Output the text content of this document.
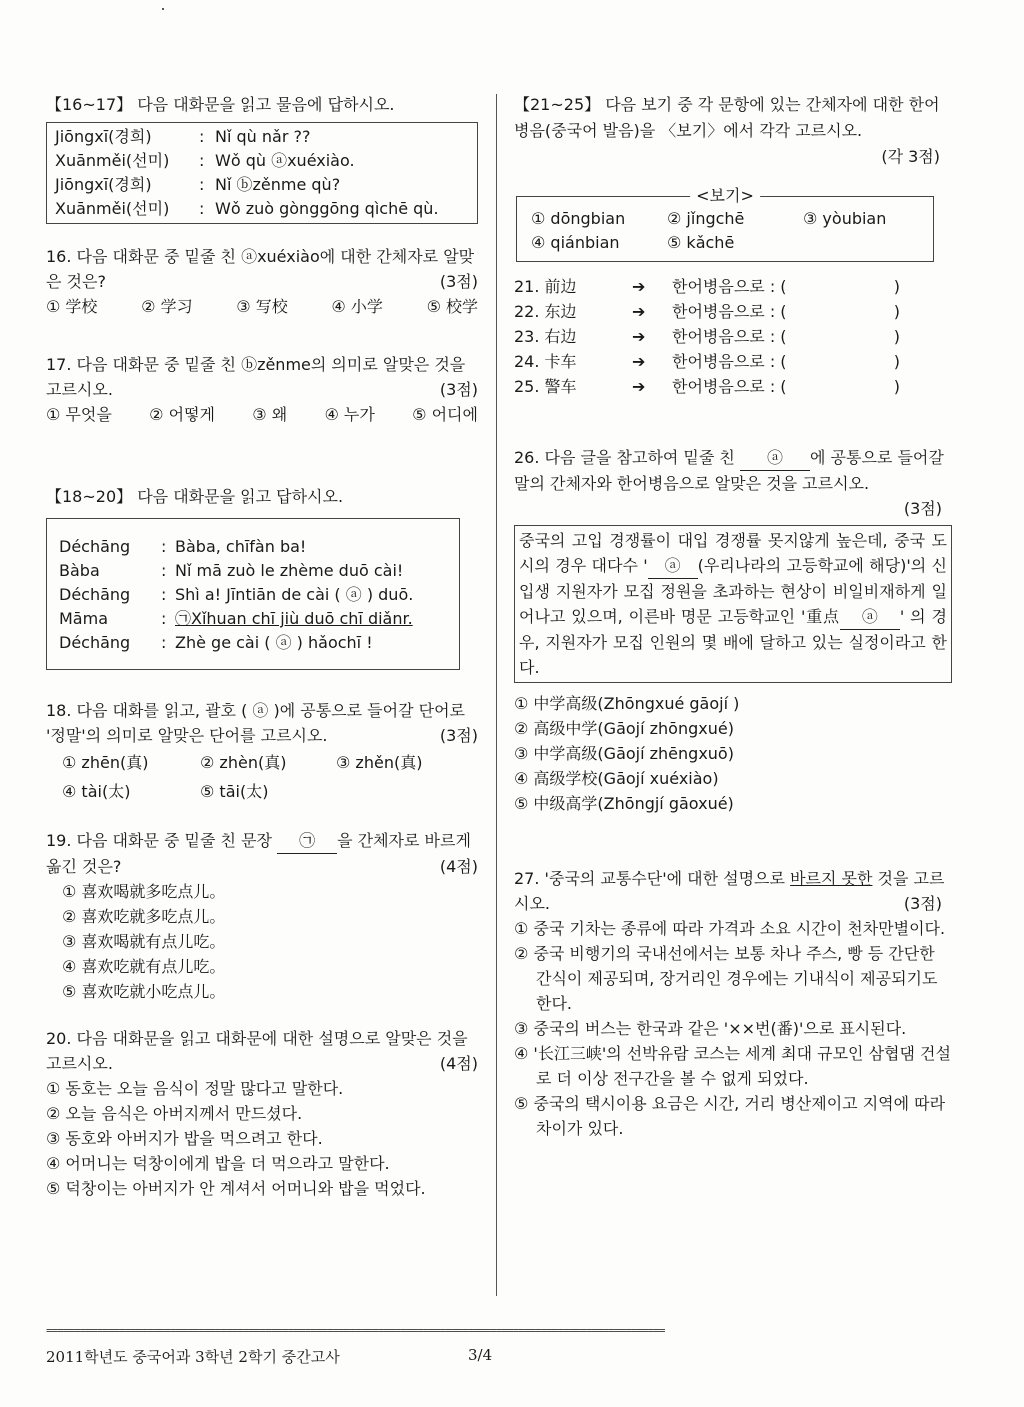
【16~17】 다음 대화문을 읽고 물음에 답하시오.

Jiōngxī(경희)	: Nǐ qù nǎr ??
Xuānměi(선미)	: Wǒ qù ⓐxuéxiào.
Jiōngxī(경희)	: Nǐ ⓑzěnme qù?
Xuānměi(선미)	: Wǒ zuò gònggōng qìchē qù.

16. 다음 대화문 중 밑줄 친 ⓐxuéxiào에 대한 간체자로 알맞은 것은?	(3점)

① 学校	② 学习	③ 写校	④ 小学	⑤ 校学

17. 다음 대화문 중 밑줄 친 ⓑzěnme의 의미로 알맞은 것을 고르시오.	(3점)

① 무엇을 ② 어떻게 ③ 왜 ④ 누가 ⑤ 어디에

【18~20】 다음 대화문을 읽고 답하시오.

Déchāng	: Bàba, chīfàn ba!
Bàba	: Nǐ mā zuò le zhème duō cài!
Déchāng	: Shì a! Jīntiān de cài ( ⓐ ) duō.
Māma	: ㉠Xǐhuan chī jiù duō chī diǎnr.
Déchāng	: Zhè ge cài ( ⓐ ) hǎochī !

18. 다음 대화를 읽고, 괄호 ( ⓐ )에 공통으로 들어갈 단어로 '정말'의 의미로 알맞은 단어를 고르시오.	(3점)

① zhēn(真)	② zhèn(真)	③ zhěn(真)
④ tài(太)	⑤ tāi(太)

19. 다음 대화문 중 밑줄 친 문장 ㉠ 을 간체자로 바르게 옮긴 것은?	(4점)

① 喜欢喝就多吃点儿。

② 喜欢吃就多吃点儿。

③ 喜欢喝就有点儿吃。

④ 喜欢吃就有点儿吃。

⑤ 喜欢吃就小吃点儿。

20. 다음 대화문을 읽고 대화문에 대한 설명으로 알맞은 것을 고르시오.	(4점)

① 동호는 오늘 음식이 정말 많다고 말한다.

② 오늘 음식은 아버지께서 만드셨다.

③ 동호와 아버지가 밥을 먹으려고 한다.

④ 어머니는 덕창이에게 밥을 더 먹으라고 말한다.

⑤ 덕창이는 아버지가 안 계셔서 어머니와 밥을 먹었다.

【21~25】 다음 보기 중 각 문항에 있는 간체자에 대한 한어병음(중국어 발음)을 〈보기〉에서 각각 고르시오.

(각 3점)

<보기>
① dōngbian	② jǐngchē	③ yòubian
④ qiánbian	⑤ kǎchē
21. 前边	➔	한어병음으로 : (	)
22. 东边	➔	한어병음으로 : (	)
23. 右边	➔	한어병음으로 : (	)
24. 卡车	➔	한어병음으로 : (	)
25. 警车	➔	한어병음으로 : (	)

26. 다음 글을 참고하여 밑줄 친 ⓐ 에 공통으로 들어갈 말의 간체자와 한어병음으로 알맞은 것을 고르시오.

(3점)

중국의 고입 경쟁률이 대입 경쟁률 못지않게 높은데, 중국 도시의 경우 대다수 ' ⓐ (우리나라의 고등학교에 해당)'의 신입생 지원자가 모집 정원을 초과하는 현상이 비일비재하게 일어나고 있으며, 이른바 명문 고등학교인 '重点 ⓐ ' 의 경우, 지원자가 모집 인원의 몇 배에 달하고 있는 실정이라고 한다.

① 中学高级(Zhōngxué gāojí )

② 高级中学(Gāojí zhōngxué)

③ 中学高级(Gāojí zhēngxuō)

④ 高级学校(Gāojí xuéxiào)

⑤ 中级高学(Zhōngjí gāoxué)

27. '중국의 교통수단'에 대한 설명으로 바르지 못한 것을 고르시오.	(3점)

① 중국 기차는 종류에 따라 가격과 소요 시간이 천차만별이다.

② 중국 비행기의 국내선에서는 보통 차나 주스, 빵 등 간단한 간식이 제공되며, 장거리인 경우에는 기내식이 제공되기도 한다.

③ 중국의 버스는 한국과 같은 '××번(番)'으로 표시된다.

④ '长江三峡'의 선박유람 코스는 세계 최대 규모인 삼협댐 건설로 더 이상 전구간을 볼 수 없게 되었다.

⑤ 중국의 택시이용 요금은 시간, 거리 병산제이고 지역에 따라 차이가 있다.

==============================================================================================================
2011학년도 중국어과 3학년 2학기 중간고사	3/4
